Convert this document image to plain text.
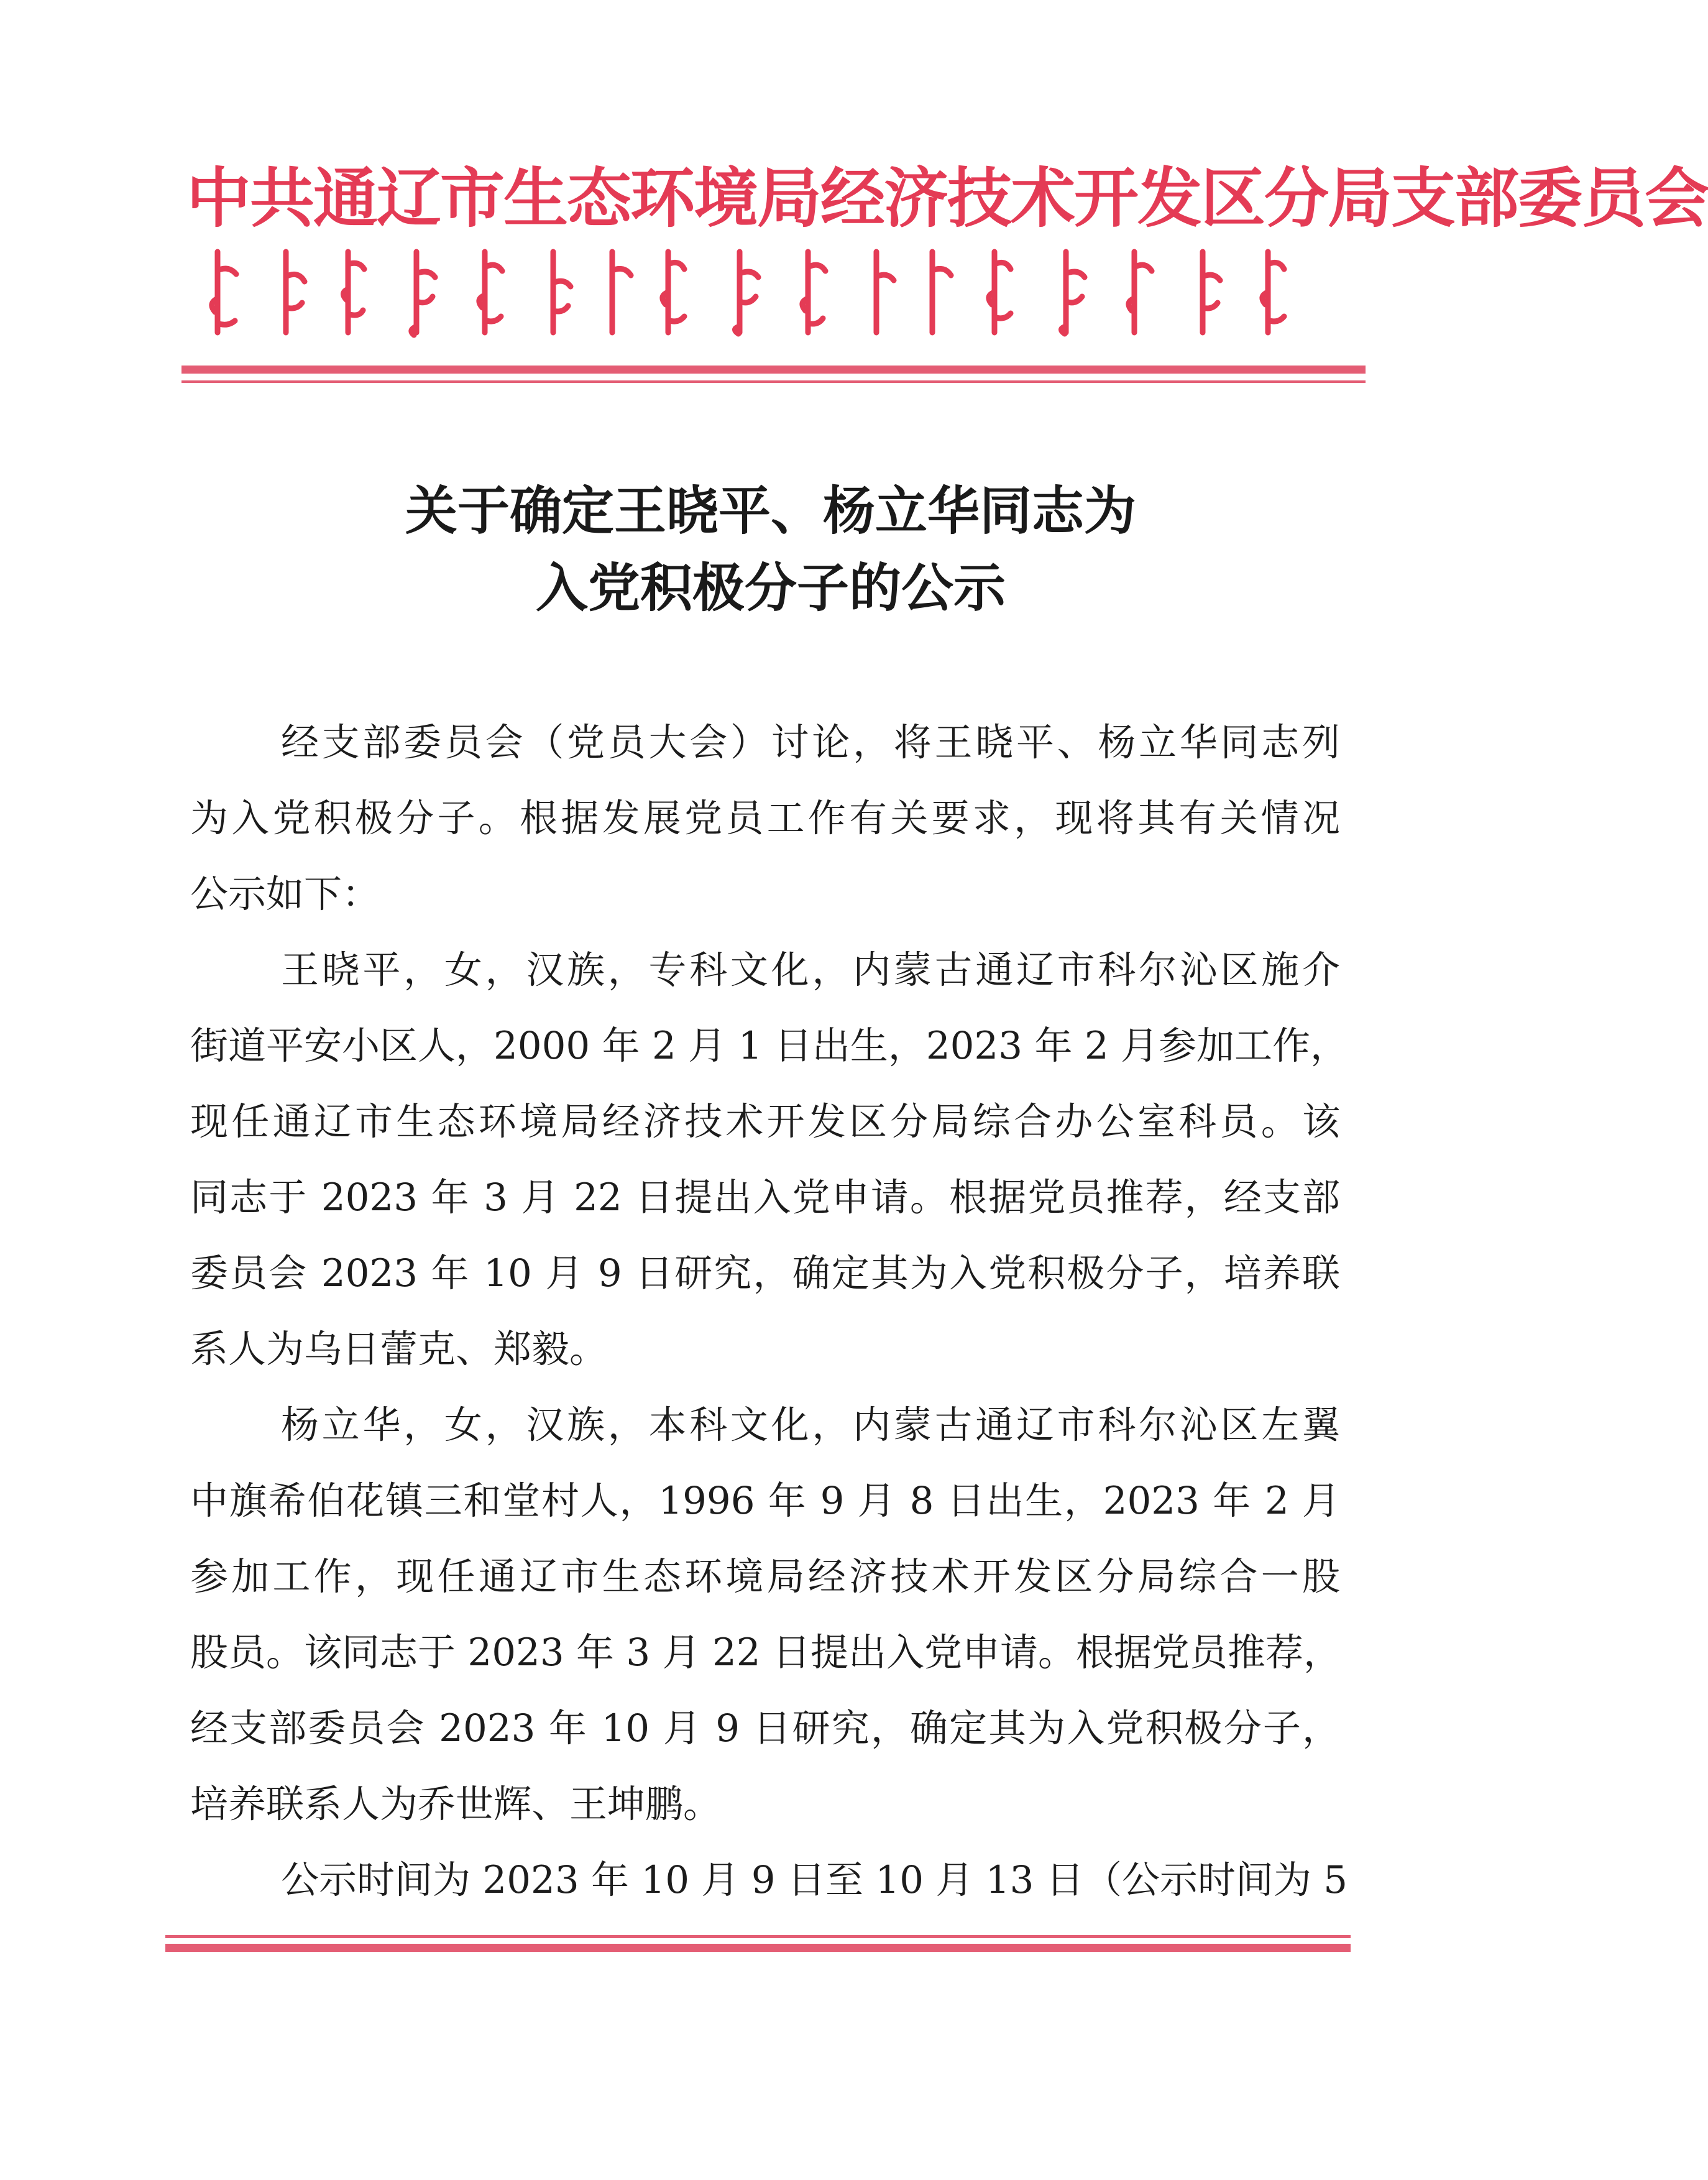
中共通辽市生态环境局经济技术开发区分局支部委员会
关于确定王晓平、杨立华同志为
入党积极分子的公示
经支部委员会（党员大会）讨论，将王晓平、杨立华同志列
为入党积极分子。根据发展党员工作有关要求，现将其有关情况
公示如下：
王晓平，女，汉族，专科文化，内蒙古通辽市科尔沁区施介
街道平安小区人，2000 年 2 月 1 日出生，2023 年 2 月参加工作，
现任通辽市生态环境局经济技术开发区分局综合办公室科员。该
同志于 2023 年 3 月 22 日提出入党申请。根据党员推荐，经支部
委员会 2023 年 10 月 9 日研究，确定其为入党积极分子，培养联
系人为乌日蕾克、郑毅。
杨立华，女，汉族，本科文化，内蒙古通辽市科尔沁区左翼
中旗希伯花镇三和堂村人，1996 年 9 月 8 日出生，2023 年 2 月
参加工作，现任通辽市生态环境局经济技术开发区分局综合一股
股员。该同志于 2023 年 3 月 22 日提出入党申请。根据党员推荐，
经支部委员会 2023 年 10 月 9 日研究，确定其为入党积极分子，
培养联系人为乔世辉、王坤鹏。
公示时间为 2023 年 10 月 9 日至 10 月 13 日（公示时间为 5
